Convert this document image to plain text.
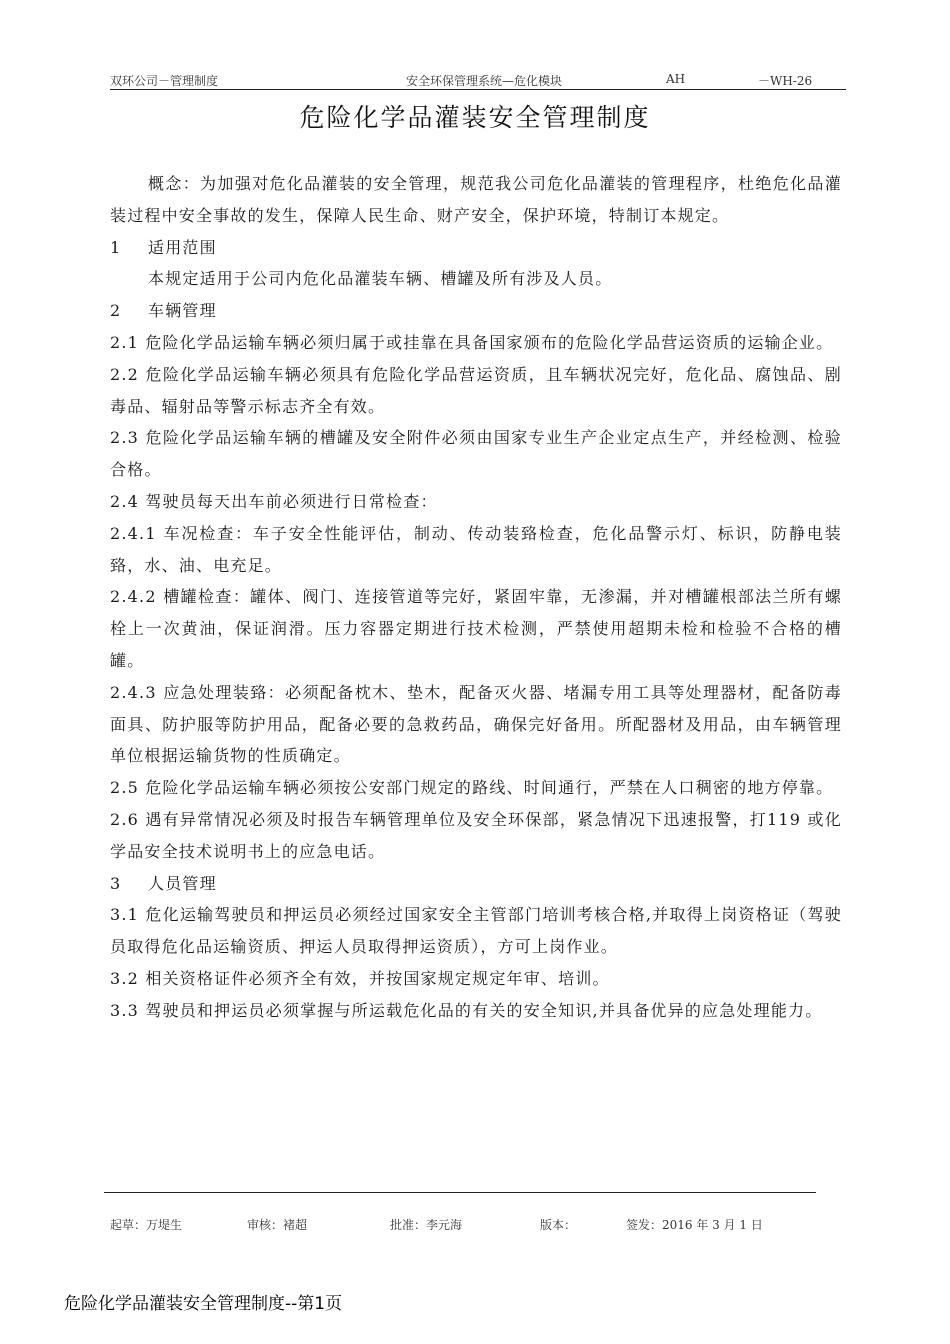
双环公司－管理制度	安全环保管理系统—危化模块	AH	－WH-26
危险化学品灌装安全管理制度

概念：为加强对危化品灌装的安全管理，规范我公司危化品灌装的管理程序，杜绝危化品灌装过程中安全事故的发生，保障人民生命、财产安全，保护环境，特制订本规定。

1 适用范围

本规定适用于公司内危化品灌装车辆、槽罐及所有涉及人员。

2 车辆管理

2.1 危险化学品运输车辆必须归属于或挂靠在具备国家颁布的危险化学品营运资质的运输企业。

2.2 危险化学品运输车辆必须具有危险化学品营运资质，且车辆状况完好，危化品、腐蚀品、剧毒品、辐射品等警示标志齐全有效。

2.3 危险化学品运输车辆的槽罐及安全附件必须由国家专业生产企业定点生产，并经检测、检验合格。

2.4 驾驶员每天出车前必须进行日常检查：

2.4.1 车况检查：车子安全性能评估，制动、传动装臵检查，危化品警示灯、标识，防静电装臵，水、油、电充足。

2.4.2 槽罐检查：罐体、阀门、连接管道等完好，紧固牢靠，无渗漏，并对槽罐根部法兰所有螺栓上一次黄油，保证润滑。压力容器定期进行技术检测，严禁使用超期未检和检验不合格的槽罐。

2.4.3 应急处理装臵：必须配备枕木、垫木，配备灭火器、堵漏专用工具等处理器材，配备防毒面具、防护服等防护用品，配备必要的急救药品，确保完好备用。所配器材及用品，由车辆管理单位根据运输货物的性质确定。

2.5 危险化学品运输车辆必须按公安部门规定的路线、时间通行，严禁在人口稠密的地方停靠。

2.6 遇有异常情况必须及时报告车辆管理单位及安全环保部，紧急情况下迅速报警，打119 或化学品安全技术说明书上的应急电话。

3 人员管理

3.1 危化运输驾驶员和押运员必须经过国家安全主管部门培训考核合格,并取得上岗资格证（驾驶员取得危化品运输资质、押运人员取得押运资质），方可上岗作业。

3.2 相关资格证件必须齐全有效，并按国家规定规定年审、培训。

3.3 驾驶员和押运员必须掌握与所运载危化品的有关的安全知识,并具备优异的应急处理能力。

起草：万堤生	审核：褚超	批准：李元海	版本：	签发：2016 年 3 月 1 日
危险化学品灌装安全管理制度--第1页
